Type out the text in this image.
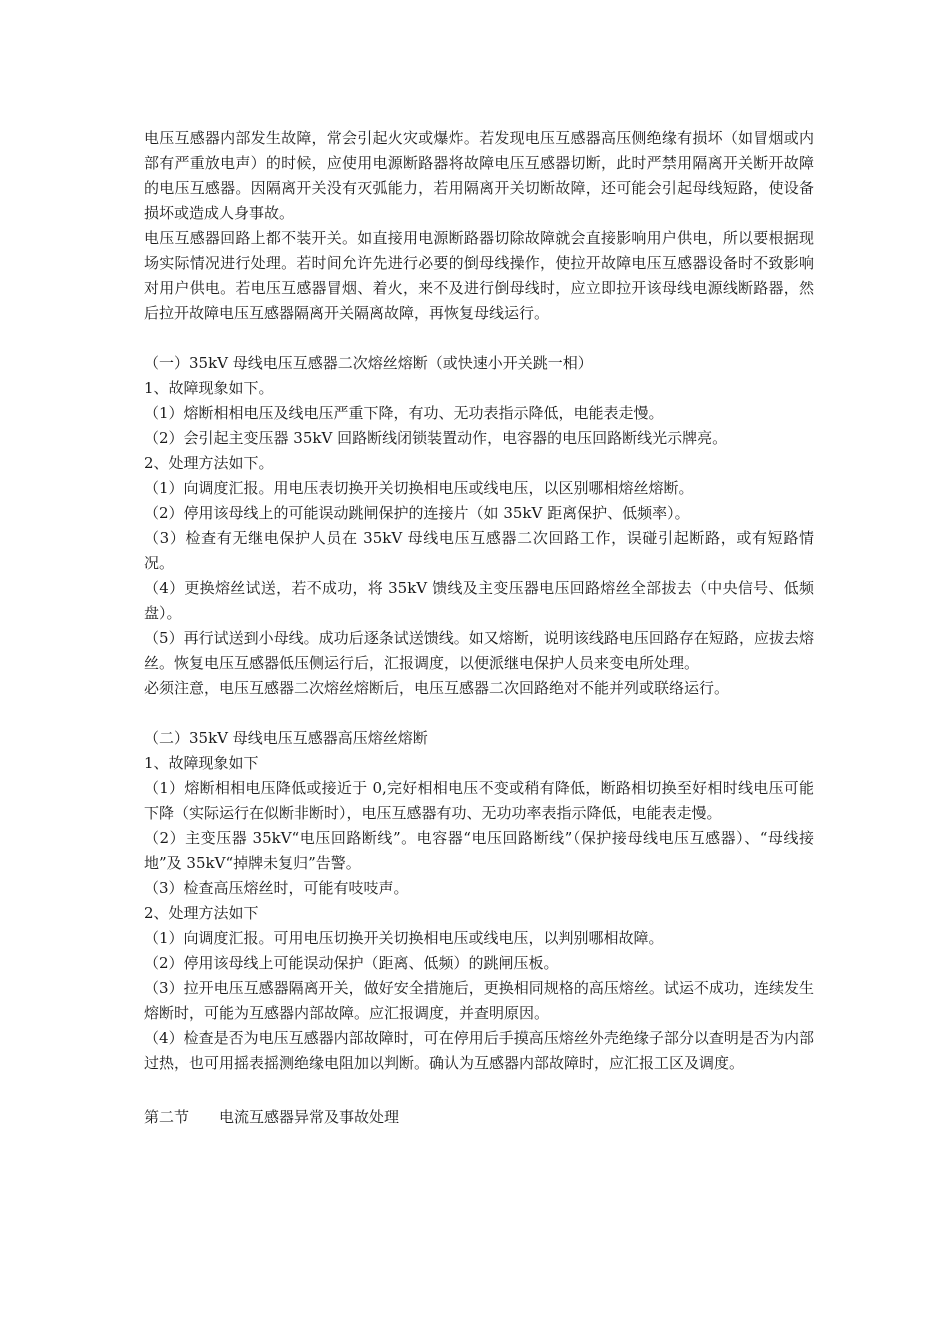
电压互感器内部发生故障，常会引起火灾或爆炸。若发现电压互感器高压侧绝缘有损坏（如冒烟或内部有严重放电声）的时候，应使用电源断路器将故障电压互感器切断，此时严禁用隔离开关断开故障的电压互感器。因隔离开关没有灭弧能力，若用隔离开关切断故障，还可能会引起母线短路，使设备损坏或造成人身事故。

电压互感器回路上都不装开关。如直接用电源断路器切除故障就会直接影响用户供电，所以要根据现场实际情况进行处理。若时间允许先进行必要的倒母线操作，使拉开故障电压互感器设备时不致影响对用户供电。若电压互感器冒烟、着火，来不及进行倒母线时，应立即拉开该母线电源线断路器，然后拉开故障电压互感器隔离开关隔离故障，再恢复母线运行。

（一）35kV 母线电压互感器二次熔丝熔断（或快速小开关跳一相）

1、故障现象如下。

（1）熔断相相电压及线电压严重下降，有功、无功表指示降低，电能表走慢。

（2）会引起主变压器 35kV 回路断线闭锁装置动作，电容器的电压回路断线光示牌亮。

2、处理方法如下。

（1）向调度汇报。用电压表切换开关切换相电压或线电压，以区别哪相熔丝熔断。

（2）停用该母线上的可能误动跳闸保护的连接片（如 35kV 距离保护、低频率）。

（3）检查有无继电保护人员在 35kV 母线电压互感器二次回路工作，误碰引起断路，或有短路情况。

（4）更换熔丝试送，若不成功，将 35kV 馈线及主变压器电压回路熔丝全部拔去（中央信号、低频盘）。

（5）再行试送到小母线。成功后逐条试送馈线。如又熔断，说明该线路电压回路存在短路，应拔去熔丝。恢复电压互感器低压侧运行后，汇报调度，以便派继电保护人员来变电所处理。

必须注意，电压互感器二次熔丝熔断后，电压互感器二次回路绝对不能并列或联络运行。

（二）35kV 母线电压互感器高压熔丝熔断

1、故障现象如下

（1）熔断相相电压降低或接近于 0,完好相相电压不变或稍有降低，断路相切换至好相时线电压可能下降（实际运行在似断非断时），电压互感器有功、无功功率表指示降低，电能表走慢。

（2）主变压器 35kV“电压回路断线”。电容器“电压回路断线”（保护接母线电压互感器）、“母线接地”及 35kV“掉牌未复归”告警。

（3）检查高压熔丝时，可能有吱吱声。

2、处理方法如下

（1）向调度汇报。可用电压切换开关切换相电压或线电压，以判别哪相故障。

（2）停用该母线上可能误动保护（距离、低频）的跳闸压板。

（3）拉开电压互感器隔离开关，做好安全措施后，更换相同规格的高压熔丝。试运不成功，连续发生熔断时，可能为互感器内部故障。应汇报调度，并查明原因。

（4）检查是否为电压互感器内部故障时，可在停用后手摸高压熔丝外壳绝缘子部分以查明是否为内部过热，也可用摇表摇测绝缘电阻加以判断。确认为互感器内部故障时，应汇报工区及调度。

第二节　　电流互感器异常及事故处理
